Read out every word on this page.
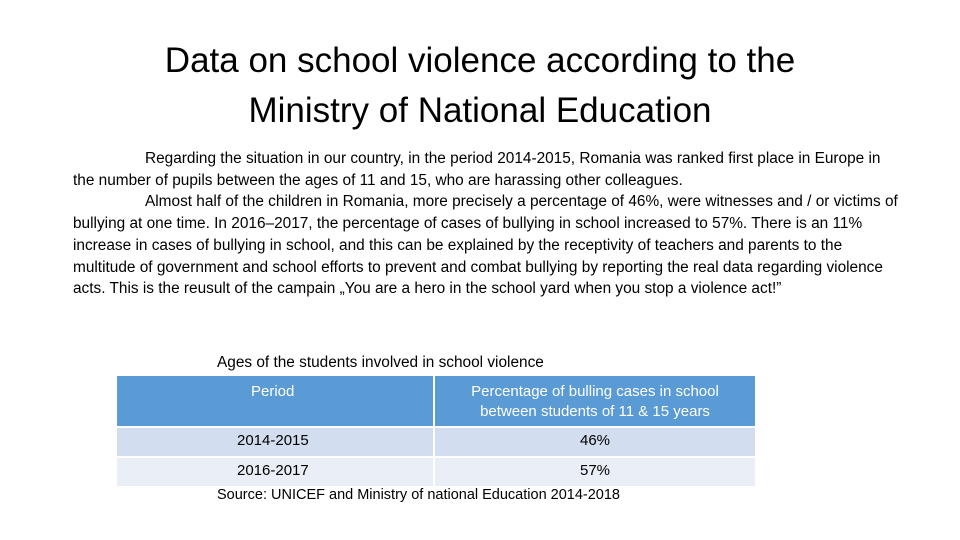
Data on school violence according to the
Ministry of National Education

Regarding the situation in our country, in the period 2014-2015, Romania was ranked first place in Europe in the number of pupils between the ages of 11 and 15, who are harassing other colleagues.

Almost half of the children in Romania, more precisely a percentage of 46%, were witnesses and / or victims of bullying at one time. In 2016–2017, the percentage of cases of bullying in school increased to 57%. There is an 11% increase in cases of bullying in school, and this can be explained by the receptivity of teachers and parents to the multitude of government and school efforts to prevent and combat bullying by reporting the real data regarding violence acts. This is the reusult of the campain „You are a hero in the school yard when you stop a violence act!”

Ages of the students involved in school violence

Period	Percentage of bulling cases in school
between students of 11 & 15 years
2014-2015	46%
2016-2017	57%

Source: UNICEF and Ministry of national Education 2014-2018
